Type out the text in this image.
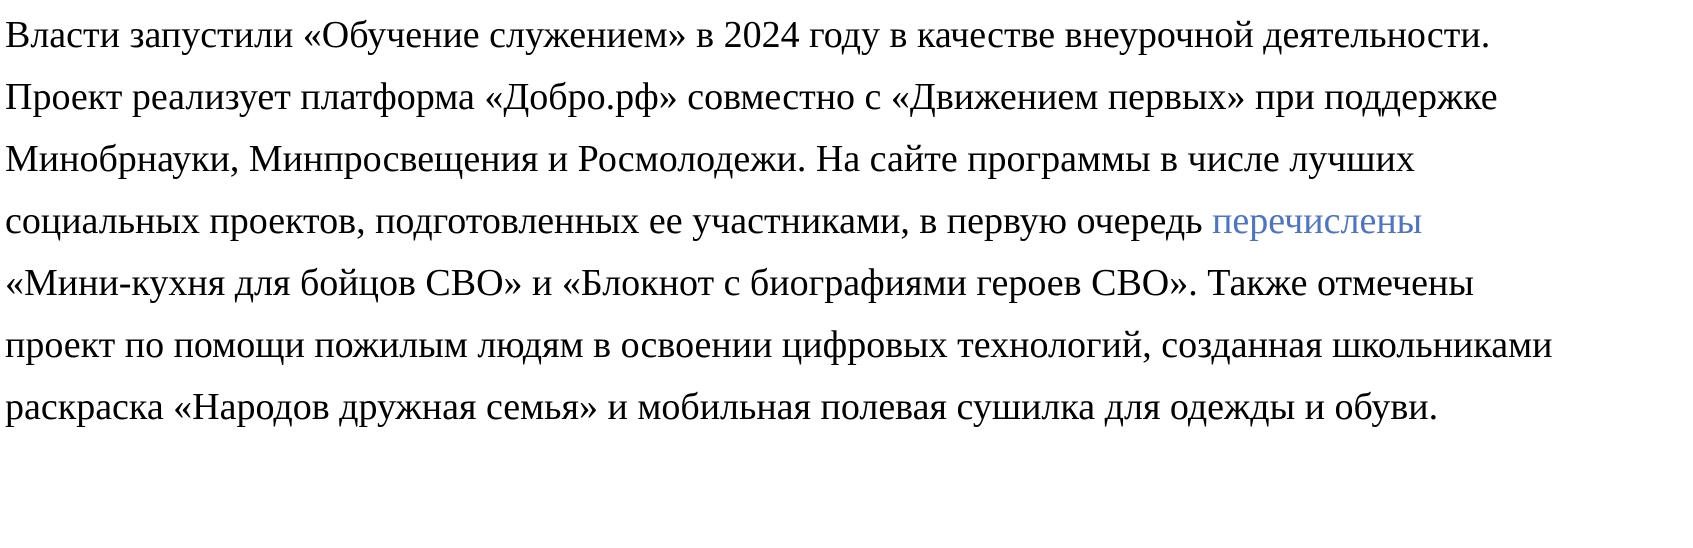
Власти запустили «Обучение служением» в 2024 году в качестве внеурочной деятельности. Проект реализует платформа «Добро.рф» совместно с «Движением первых» при поддержке Минобрнауки, Минпросвещения и Росмолодежи. На сайте программы в числе лучших социальных проектов, подготовленных ее участниками, в первую очередь перечислены «Мини-кухня для бойцов СВО» и «Блокнот с биографиями героев СВО». Также отмечены проект по помощи пожилым людям в освоении цифровых технологий, созданная школьниками раскраска «Народов дружная семья» и мобильная полевая сушилка для одежды и обуви.
